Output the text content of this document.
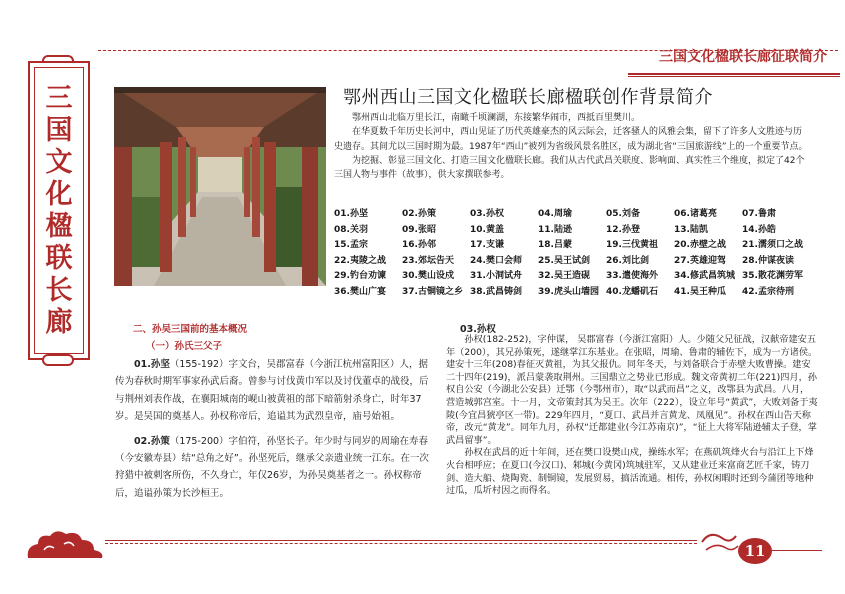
三国文化楹联长廊征联简介
三
国
文
化
楹
联
长
廊
鄂州西山三国文化楹联长廊楹联创作背景简介

鄂州西山北临万里长江，南瞰千顷澜湖，东接繁华闹市，西抵百里樊川。

在华夏数千年历史长河中，西山见证了历代英雄豪杰的风云际会，迁客骚人的风雅会集，留下了许多人文胜迹与历史遗存。其间尤以三国时期为最。1987年“西山”被列为省级风景名胜区，成为湖北省“三国旅游线”上的一个重要节点。

为挖掘、彰显三国文化、打造三国文化楹联长廊。我们从古代武昌关联度、影响面、真实性三个维度，拟定了42个三国人物与事件（故事），供大家撰联参考。

01.孙坚	02.孙策	03.孙权	04.周瑜	05.刘备	06.诸葛亮	07.鲁肃
08.关羽	09.张昭	10.黄盖	11.陆逊	12.孙登	13.陆凯	14.孙皓
15.孟宗	16.孙邻	17.支谦	18.吕蒙	19.三伐黄祖	20.赤壁之战	21.濡须口之战
22.夷陵之战	23.郊坛告天	24.樊口会师	25.吴王试剑	26.刘比剑	27.英雄迎驾	28.仲谋夜读
29.钓台劝谏	30.樊山设戍	31.小洞试舟	32.吴王造砚	33.遣使海外	34.修武昌筑城 35.散花渊劳军
36.樊山广宴	37.古铜镜之乡 38.武昌铸剑	39.虎头山墙园 40.龙蟠矶石	41.吴王种瓜	42.孟宗待刑
二、孙吴三国前的基本概况
（一）孙氏三父子

01.孙坚（155-192）字文台，吴郡富春（今浙江杭州富阳区）人，据传为春秋时期军事家孙武后裔。曾参与讨伐黄巾军以及讨伐董卓的战役，后与荆州刘表作战，在襄阳城南的岘山被黄祖的部下暗箭射杀身亡，时年37岁。是吴国的奠基人。孙权称帝后，追谥其为武烈皇帝，庙号始祖。

02.孙策（175-200）字伯符，孙坚长子。年少时与同岁的周瑜在寿春（今安徽寿县）结“总角之好”。孙坚死后，继承父亲遗业统一江东。在一次狩猎中被刺客所伤，不久身亡，年仅26岁，为孙吴奠基者之一。孙权称帝后，追谥孙策为长沙桓王。

03.孙权

孙权(182-252)，字仲谋， 吴郡富春（今浙江富阳）人。少随父兄征战，汉献帝建安五年（200），其兄孙策死，遂继掌江东基业。在张昭，周瑜、鲁肃的辅佐下，成为一方诸侯。建安十三年(208)春征灭黄祖，为其父报仇。同年冬天，与刘备联合于赤壁大败曹操。建安二十四年(219)，派吕蒙袭取荆州。三国鼎立之势业已形成。魏文帝黄初二年(221)四月，孙权自公安（今湖北公安县）迁鄂（今鄂州市），取“以武而昌”之义，改鄂县为武昌。八月，营造城郭宫室。十一月，文帝策封其为吴王。次年（222），设立年号“黄武”，大败刘备于夷陵(今宜昌猇亭区一带)。229年四月，“夏口、武昌并言黄龙、凤凰见”。孙权在西山告天称帝，改元“黄龙”。同年九月，孙权“迁都建业(今江苏南京)”，“征上大将军陆逊辅太子登，掌武昌留事”。

孙权在武昌的近十年间，还在樊口设樊山戍，操练水军；在燕矶筑烽火台与沿江上下烽火台相呼应；在夏口(今汉口)、邾城(今黄冈)筑城驻军，又从建业迁来富商艺匠千家，铸刀剑、造大船、烧陶瓷、制铜镜，发展贸易，搞活流通。相传，孙权闲暇时还到今蒲团等地种过瓜，瓜圻村因之而得名。

11
